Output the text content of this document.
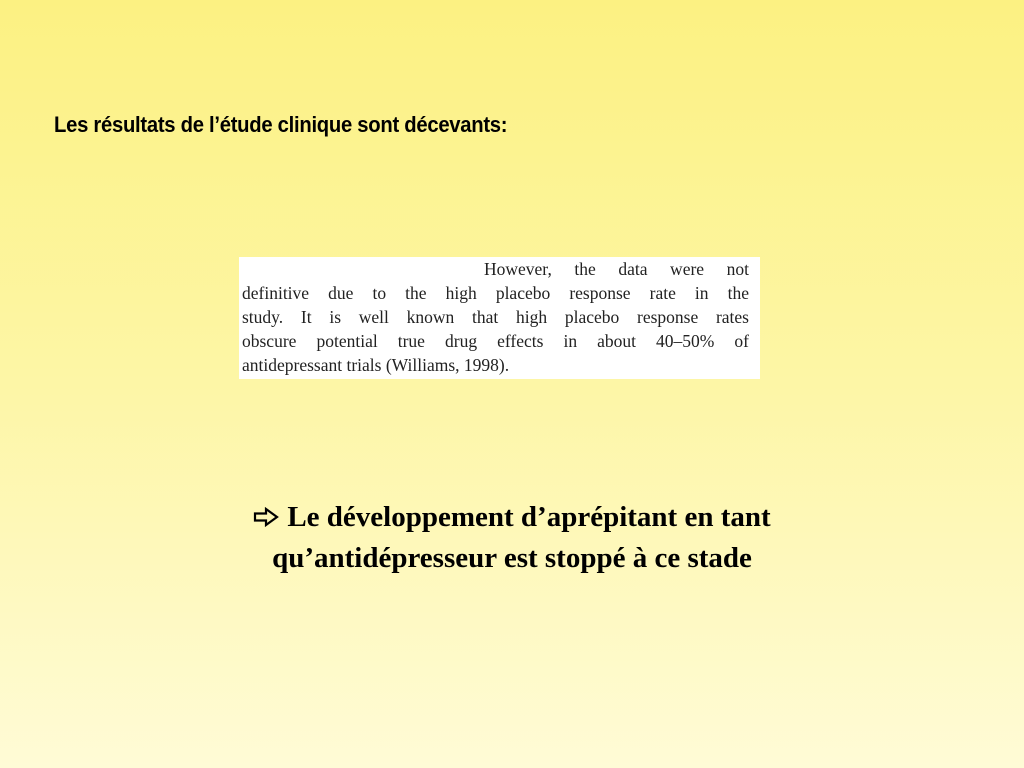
Les résultats de l’étude clinique sont décevants:
However, the data were not
definitive due to the high placebo response rate in the
study. It is well known that high placebo response rates
obscure potential true drug effects in about 40–50% of
antidepressant trials (Williams, 1998).
Le développement d’aprépitant en tant
qu’antidépresseur est stoppé à ce stade
